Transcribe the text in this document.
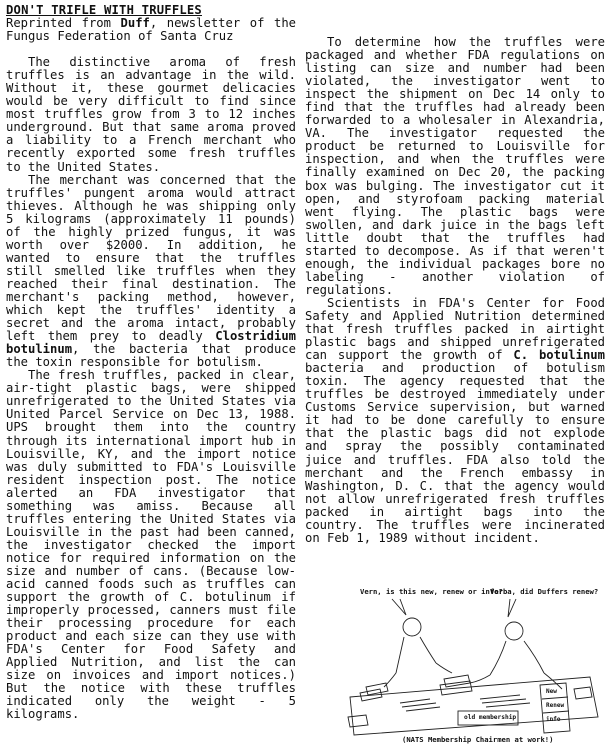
DON'T TRIFLE WITH TRUFFLES

Reprinted from Duff, newsletter of the Fungus Federation of Santa Cruz

The distinctive aroma of fresh truffles is an advantage in the wild. Without it, these gourmet delicacies would be very difficult to find since most truffles grow from 3 to 12 inches underground. But that same aroma proved a liability to a French merchant who recently exported some fresh truffles to the United States.

The merchant was concerned that the truffles' pungent aroma would attract thieves. Although he was shipping only 5 kilograms (approximately 11 pounds) of the highly prized fungus, it was worth over $2000. In addition, he wanted to ensure that the truffles still smelled like truffles when they reached their final destination. The merchant's packing method, however, which kept the truffles' identity a secret and the aroma intact, probably left them prey to deadly Clostridium botulinum, the bacteria that produce the toxin responsible for botulism.

The fresh truffles, packed in clear, air-tight plastic bags, were shipped unrefrigerated to the United States via United Parcel Service on Dec 13, 1988. UPS brought them into the country through its international import hub in Louisville, KY, and the import notice was duly submitted to FDA's Louisville resident inspection post. The notice alerted an FDA investigator that something was amiss. Because all truffles entering the United States via Louisville in the past had been canned, the investigator checked the import notice for required information on the size and number of cans. (Because low-acid canned foods such as truffles can support the growth of C. botulinum if improperly processed, canners must file their processing procedure for each product and each size can they use with FDA's Center for Food Safety and Applied Nutrition, and list the can size on invoices and import notices.) But the notice with these truffles indicated only the weight - 5 kilograms.

To determine how the truffles were packaged and whether FDA regulations on listing can size and number had been violated, the investigator went to inspect the shipment on Dec 14 only to find that the truffles had already been forwarded to a wholesaler in Alexandria, VA. The investigator requested the product be returned to Louisville for inspection, and when the truffles were finally examined on Dec 20, the packing box was bulging. The investigator cut it open, and styrofoam packing material went flying. The plastic bags were swollen, and dark juice in the bags left little doubt that the truffles had started to decompose. As if that weren't enough, the individual packages bore no labeling - another violation of regulations.

Scientists in FDA's Center for Food Safety and Applied Nutrition determined that fresh truffles packed in airtight plastic bags and shipped unrefrigerated can support the growth of C. botulinum bacteria and production of botulism toxin. The agency requested that the truffles be destroyed immediately under Customs Service supervision, but warned it had to be done carefully to ensure that the plastic bags did not explode and spray the possibly contaminated juice and truffles. FDA also told the merchant and the French embassy in Washington, D. C. that the agency would not allow unrefrigerated fresh truffles packed in airtight bags into the country. The truffles were incinerated on Feb 1, 1989 without incident.

Vern, is this new, renew or info?
Verba, did Duffers renew?
old membership
New
Renew
info
(NATS Membership Chairmen at work!)
